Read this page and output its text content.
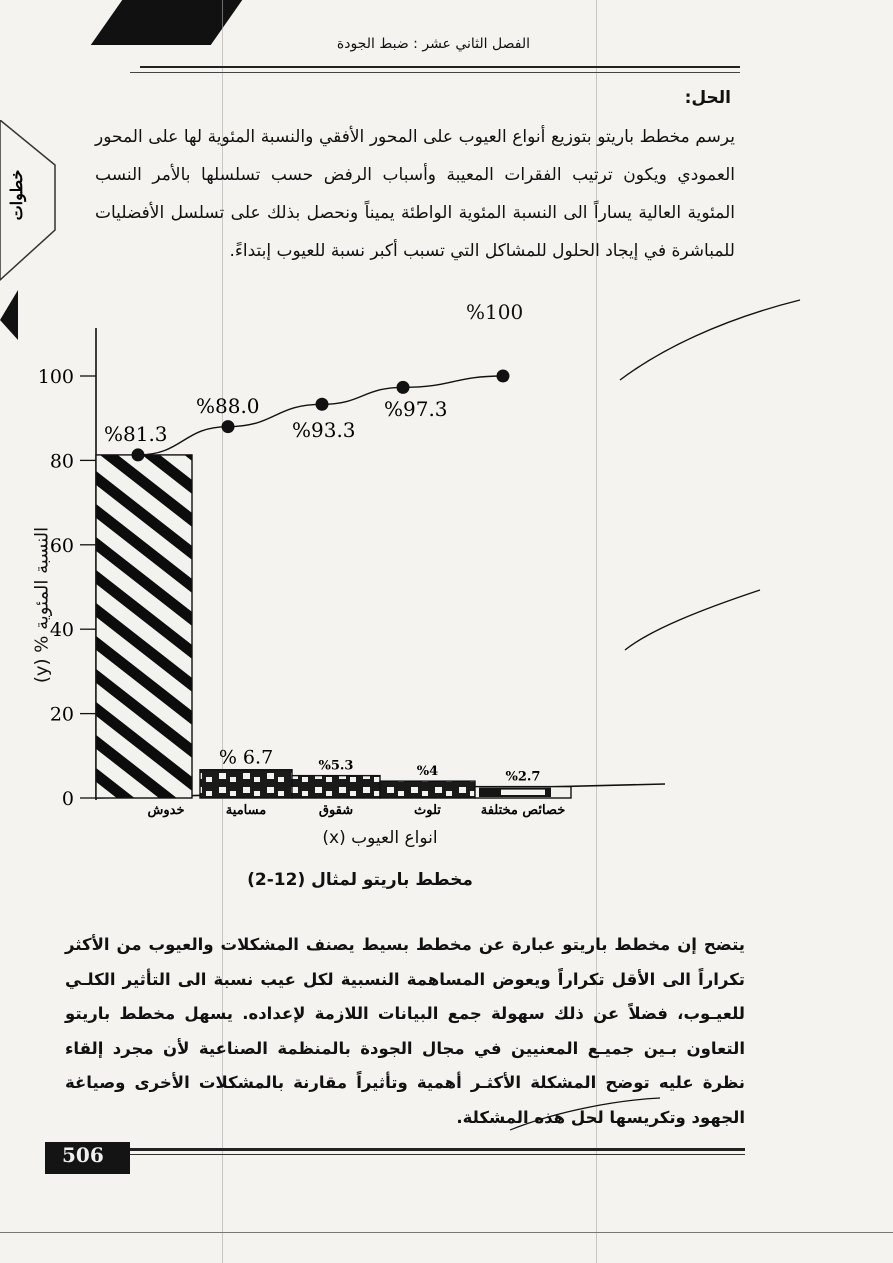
خطوات
الفصل الثاني عشر : ضبط الجودة
الحل:
يرسم مخطط باريتو بتوزيع أنواع العيوب على المحور الأفقي والنسبة المئوية لها على المحور العمودي ويكون ترتيب الفقرات المعيبة وأسباب الرفض حسب تسلسلها بالأمر النسب المئوية العالية يساراً الى النسبة المئوية الواطئة يميناً ونحصل بذلك على تسلسل الأفضليات للمباشرة في إيجاد الحلول للمشاكل التي تسبب أكبر نسبة للعيوب إبتداءً.
%100
0
20
40
60
80
100
خدوش	مسامية
% 6.7
شقوق
%5.3
تلوث
%4
خصائص مختلفة
%2.7
%81.3
%88.0
%93.3
%97.3
انواع العيوب (x)
مخطط باريتو لمثال (12-2)
النسبة المئوية % (y)
يتضح إن مخطط باريتو عبارة عن مخطط بسيط يصنف المشكلات والعيوب من الأكثر تكراراً الى الأقل تكراراً ويعوض المساهمة النسبية لكل عيب نسبة الى التأثير الكلـي للعيـوب، فضلاً عن ذلك سهولة جمع البيانات اللازمة لإعداده. يسهل مخطط باريتو التعاون بـين جميـع المعنيين في مجال الجودة بالمنظمة الصناعية لأن مجرد إلقاء نظرة عليه توضح المشكلة الأكثـر أهمية وتأثيراً مقارنة بالمشكلات الأخرى وصياغة الجهود وتكريسها لحل هذه المشكلة.
506
